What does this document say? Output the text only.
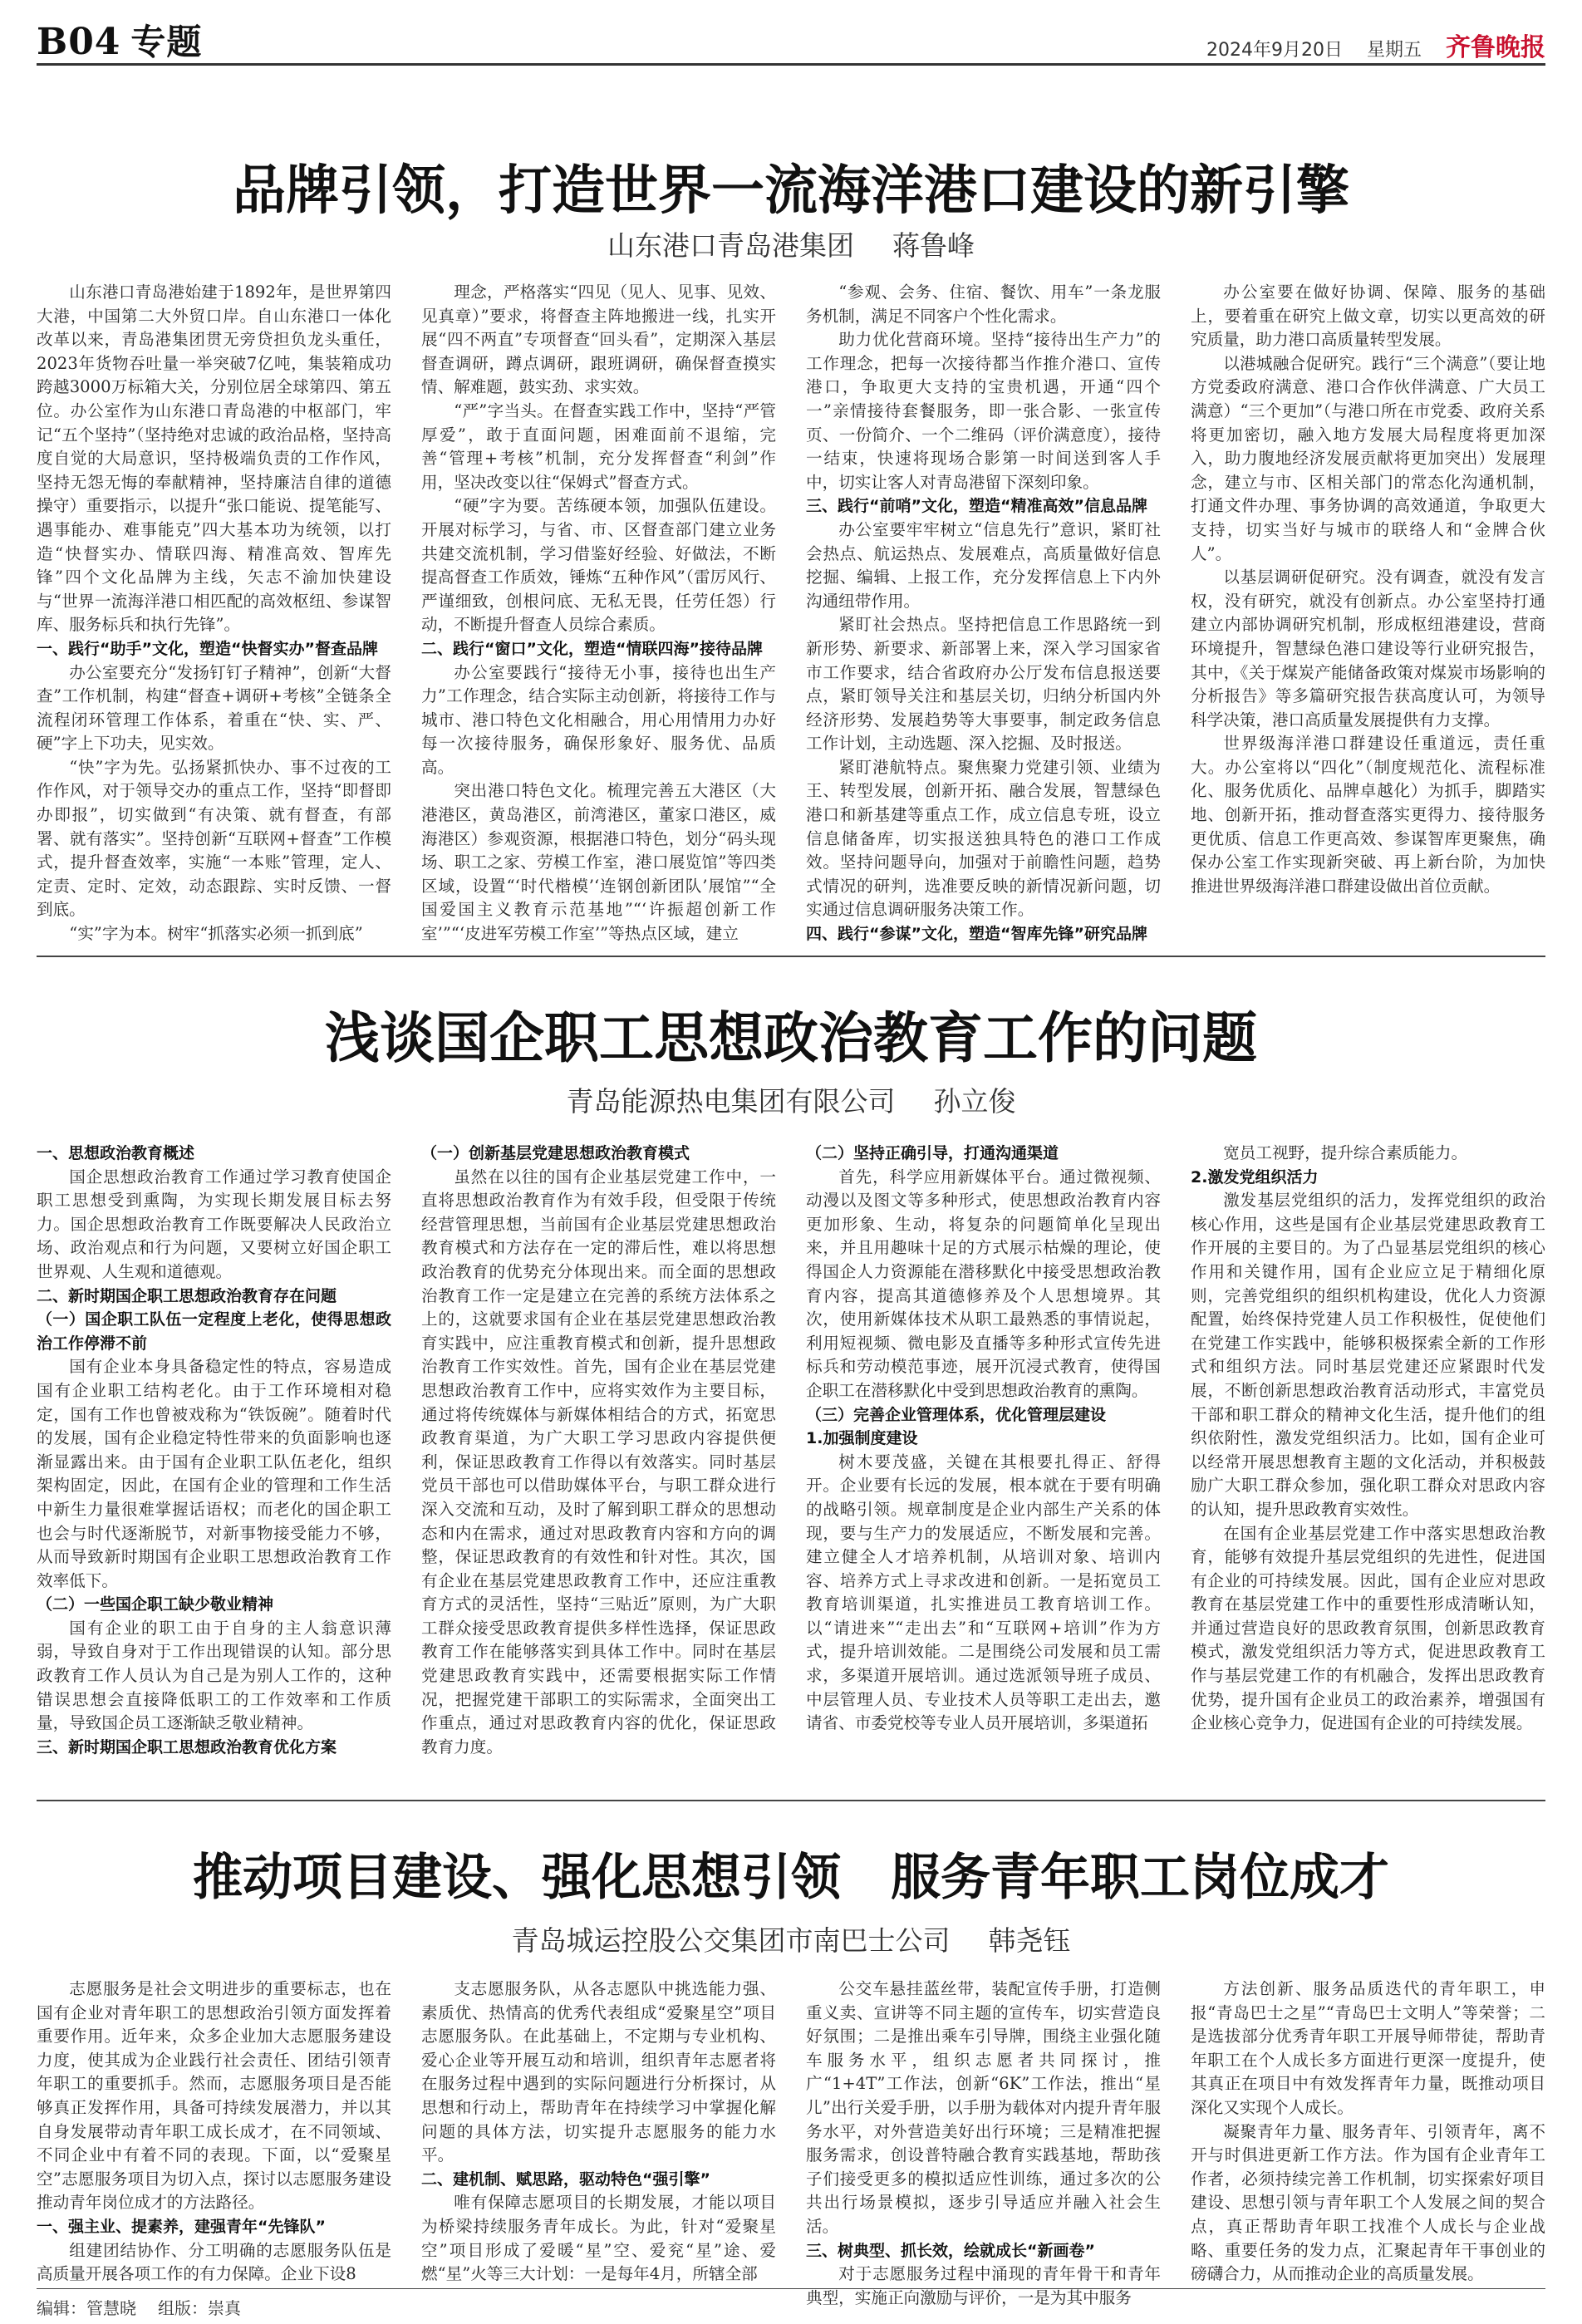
B04 专题	2024年9月20日 星期五 齐鲁晚报
品牌引领，打造世界一流海洋港口建设的新引擎
山东港口青岛港集团 蒋鲁峰

山东港口青岛港始建于1892年，是世界第四大港，中国第二大外贸口岸。自山东港口一体化改革以来，青岛港集团贯无旁贷担负龙头重任，2023年货物吞吐量一举突破7亿吨，集装箱成功跨越3000万标箱大关，分别位居全球第四、第五位。办公室作为山东港口青岛港的中枢部门，牢记“五个坚持”（坚持绝对忠诚的政治品格，坚持高度自觉的大局意识，坚持极端负责的工作作风，坚持无怨无悔的奉献精神，坚持廉洁自律的道德操守）重要指示，以提升“张口能说、提笔能写、遇事能办、难事能克”四大基本功为统领，以打造“快督实办、情联四海、精准高效、智库先锋”四个文化品牌为主线，矢志不渝加快建设与“世界一流海洋港口相匹配的高效枢纽、参谋智库、服务标兵和执行先锋”。

一、践行“助手”文化，塑造“快督实办”督查品牌

办公室要充分“发扬钉钉子精神”，创新“大督查”工作机制，构建“督查+调研+考核”全链条全流程闭环管理工作体系，着重在“快、实、严、硬”字上下功夫，见实效。

“快”字为先。弘扬紧抓快办、事不过夜的工作作风，对于领导交办的重点工作，坚持“即督即办即报”，切实做到“有决策、就有督查，有部署、就有落实”。坚持创新“互联网+督查”工作模式，提升督查效率，实施“一本账”管理，定人、定责、定时、定效，动态跟踪、实时反馈、一督到底。

“实”字为本。树牢“抓落实必须一抓到底”

理念，严格落实“四见（见人、见事、见效、见真章）”要求，将督查主阵地搬进一线，扎实开展“四不两直”专项督查“回头看”，定期深入基层督查调研，蹲点调研，跟班调研，确保督查摸实情、解难题，鼓实劲、求实效。

“严”字当头。在督查实践工作中，坚持“严管厚爱”，敢于直面问题，困难面前不退缩，完善“管理+考核”机制，充分发挥督查“利剑”作用，坚决改变以往“保姆式”督查方式。

“硬”字为要。苦练硬本领，加强队伍建设。开展对标学习，与省、市、区督查部门建立业务共建交流机制，学习借鉴好经验、好做法，不断提高督查工作质效，锤炼“五种作风”（雷厉风行、严谨细致，创根问底、无私无畏，任劳任怨）行动，不断提升督查人员综合素质。

二、践行“窗口”文化，塑造“情联四海”接待品牌

办公室要践行“接待无小事，接待也出生产力”工作理念，结合实际主动创新，将接待工作与城市、港口特色文化相融合，用心用情用力办好每一次接待服务，确保形象好、服务优、品质高。

突出港口特色文化。梳理完善五大港区（大港港区，黄岛港区，前湾港区，董家口港区，威海港区）参观资源，根据港口特色，划分“码头现场、职工之家、劳模工作室，港口展览馆”等四类区域，设置“‘时代楷模’‘连钢创新团队’展馆”“全国爱国主义教育示范基地”“‘许振超创新工作室’”“‘皮进军劳模工作室’”等热点区域，建立

“参观、会务、住宿、餐饮、用车”一条龙服务机制，满足不同客户个性化需求。

助力优化营商环境。坚持“接待出生产力”的工作理念，把每一次接待都当作推介港口、宣传港口，争取更大支持的宝贵机遇，开通“四个一”亲情接待套餐服务，即一张合影、一张宣传页、一份简介、一个二维码（评价满意度），接待一结束，快速将现场合影第一时间送到客人手中，切实让客人对青岛港留下深刻印象。

三、践行“前哨”文化，塑造“精准高效”信息品牌

办公室要牢牢树立“信息先行”意识，紧盯社会热点、航运热点、发展难点，高质量做好信息挖掘、编辑、上报工作，充分发挥信息上下内外沟通纽带作用。

紧盯社会热点。坚持把信息工作思路统一到新形势、新要求、新部署上来，深入学习国家省市工作要求，结合省政府办公厅发布信息报送要点，紧盯领导关注和基层关切，归纳分析国内外经济形势、发展趋势等大事要事，制定政务信息工作计划，主动选题、深入挖掘、及时报送。

紧盯港航特点。聚焦聚力党建引领、业绩为王、转型发展，创新开拓、融合发展，智慧绿色港口和新基建等重点工作，成立信息专班，设立信息储备库，切实报送独具特色的港口工作成效。坚持问题导向，加强对于前瞻性问题，趋势式情况的研判，选准要反映的新情况新问题，切实通过信息调研服务决策工作。

四、践行“参谋”文化，塑造“智库先锋”研究品牌

办公室要在做好协调、保障、服务的基础上，要着重在研究上做文章，切实以更高效的研究质量，助力港口高质量转型发展。

以港城融合促研究。践行“三个满意”（要让地方党委政府满意、港口合作伙伴满意、广大员工满意）“三个更加”（与港口所在市党委、政府关系将更加密切，融入地方发展大局程度将更加深入，助力腹地经济发展贡献将更加突出）发展理念，建立与市、区相关部门的常态化沟通机制，打通文件办理、事务协调的高效通道，争取更大支持，切实当好与城市的联络人和“金牌合伙人”。

以基层调研促研究。没有调查，就没有发言权，没有研究，就没有创新点。办公室坚持打通建立内部协调研究机制，形成枢纽港建设，营商环境提升，智慧绿色港口建设等行业研究报告，其中，《关于煤炭产能储备政策对煤炭市场影响的分析报告》等多篇研究报告获高度认可，为领导科学决策，港口高质量发展提供有力支撑。

世界级海洋港口群建设任重道远，责任重大。办公室将以“四化”（制度规范化、流程标准化、服务优质化、品牌卓越化）为抓手，脚踏实地、创新开拓，推动督查落实更得力、接待服务更优质、信息工作更高效、参谋智库更聚焦，确保办公室工作实现新突破、再上新台阶，为加快推进世界级海洋港口群建设做出首位贡献。

浅谈国企职工思想政治教育工作的问题
青岛能源热电集团有限公司 孙立俊

一、思想政治教育概述

国企思想政治教育工作通过学习教育使国企职工思想受到熏陶，为实现长期发展目标去努力。国企思想政治教育工作既要解决人民政治立场、政治观点和行为问题，又要树立好国企职工世界观、人生观和道德观。

二、新时期国企职工思想政治教育存在问题

（一）国企职工队伍一定程度上老化，使得思想政治工作停滞不前

国有企业本身具备稳定性的特点，容易造成国有企业职工结构老化。由于工作环境相对稳定，国有工作也曾被戏称为“铁饭碗”。随着时代的发展，国有企业稳定特性带来的负面影响也逐渐显露出来。由于国有企业职工队伍老化，组织架构固定，因此，在国有企业的管理和工作生活中新生力量很难掌握话语权；而老化的国企职工也会与时代逐渐脱节，对新事物接受能力不够，从而导致新时期国有企业职工思想政治教育工作效率低下。

（二）一些国企职工缺少敬业精神

国有企业的职工由于自身的主人翁意识薄弱，导致自身对于工作出现错误的认知。部分思政教育工作人员认为自己是为别人工作的，这种错误思想会直接降低职工的工作效率和工作质量，导致国企员工逐渐缺乏敬业精神。

三、新时期国企职工思想政治教育优化方案

（一）创新基层党建思想政治教育模式

虽然在以往的国有企业基层党建工作中，一直将思想政治教育作为有效手段，但受限于传统经营管理思想，当前国有企业基层党建思想政治教育模式和方法存在一定的滞后性，难以将思想政治教育的优势充分体现出来。而全面的思想政治教育工作一定是建立在完善的系统方法体系之上的，这就要求国有企业在基层党建思想政治教育实践中，应注重教育模式和创新，提升思想政治教育工作实效性。首先，国有企业在基层党建思想政治教育工作中，应将实效作为主要目标，通过将传统媒体与新媒体相结合的方式，拓宽思政教育渠道，为广大职工学习思政内容提供便利，保证思政教育工作得以有效落实。同时基层党员干部也可以借助媒体平台，与职工群众进行深入交流和互动，及时了解到职工群众的思想动态和内在需求，通过对思政教育内容和方向的调整，保证思政教育的有效性和针对性。其次，国有企业在基层党建思政教育工作中，还应注重教育方式的灵活性，坚持“三贴近”原则，为广大职工群众接受思政教育提供多样性选择，保证思政教育工作在能够落实到具体工作中。同时在基层党建思政教育实践中，还需要根据实际工作情况，把握党建干部职工的实际需求，全面突出工作重点，通过对思政教育内容的优化，保证思政教育力度。

（二）坚持正确引导，打通沟通渠道

首先，科学应用新媒体平台。通过微视频、动漫以及图文等多种形式，使思想政治教育内容更加形象、生动，将复杂的问题简单化呈现出来，并且用趣味十足的方式展示枯燥的理论，使得国企人力资源能在潜移默化中接受思想政治教育内容，提高其道德修养及个人思想境界。其次，使用新媒体技术从职工最熟悉的事情说起，利用短视频、微电影及直播等多种形式宣传先进标兵和劳动模范事迹，展开沉浸式教育，使得国企职工在潜移默化中受到思想政治教育的熏陶。

（三）完善企业管理体系，优化管理层建设

1.加强制度建设

树木要茂盛，关键在其根要扎得正、舒得开。企业要有长远的发展，根本就在于要有明确的战略引领。规章制度是企业内部生产关系的体现，要与生产力的发展适应，不断发展和完善。建立健全人才培养机制，从培训对象、培训内容、培养方式上寻求改进和创新。一是拓宽员工教育培训渠道，扎实推进员工教育培训工作。以“请进来”“走出去”和“互联网+培训”作为方式，提升培训效能。二是围绕公司发展和员工需求，多渠道开展培训。通过选派领导班子成员、中层管理人员、专业技术人员等职工走出去，邀请省、市委党校等专业人员开展培训，多渠道拓

宽员工视野，提升综合素质能力。

2.激发党组织活力

激发基层党组织的活力，发挥党组织的政治核心作用，这些是国有企业基层党建思政教育工作开展的主要目的。为了凸显基层党组织的核心作用和关键作用，国有企业应立足于精细化原则，完善党组织的组织机构建设，优化人力资源配置，始终保持党建人员工作积极性，促使他们在党建工作实践中，能够积极探索全新的工作形式和组织方法。同时基层党建还应紧跟时代发展，不断创新思想政治教育活动形式，丰富党员干部和职工群众的精神文化生活，提升他们的组织依附性，激发党组织活力。比如，国有企业可以经常开展思想教育主题的文化活动，并积极鼓励广大职工群众参加，强化职工群众对思政内容的认知，提升思政教育实效性。

在国有企业基层党建工作中落实思想政治教育，能够有效提升基层党组织的先进性，促进国有企业的可持续发展。因此，国有企业应对思政教育在基层党建工作中的重要性形成清晰认知，并通过营造良好的思政教育氛围，创新思政教育模式，激发党组织活力等方式，促进思政教育工作与基层党建工作的有机融合，发挥出思政教育优势，提升国有企业员工的政治素养，增强国有企业核心竞争力，促进国有企业的可持续发展。

推动项目建设、强化思想引领　服务青年职工岗位成才
青岛城运控股公交集团市南巴士公司 韩尧钰

志愿服务是社会文明进步的重要标志，也在国有企业对青年职工的思想政治引领方面发挥着重要作用。近年来，众多企业加大志愿服务建设力度，使其成为企业践行社会责任、团结引领青年职工的重要抓手。然而，志愿服务项目是否能够真正发挥作用，具备可持续发展潜力，并以其自身发展带动青年职工成长成才，在不同领域、不同企业中有着不同的表现。下面，以“爱聚星空”志愿服务项目为切入点，探讨以志愿服务建设推动青年岗位成才的方法路径。

一、强主业、提素养，建强青年“先锋队”

组建团结协作、分工明确的志愿服务队伍是高质量开展各项工作的有力保障。企业下设8

支志愿服务队，从各志愿队中挑选能力强、素质优、热情高的优秀代表组成“爱聚星空”项目志愿服务队。在此基础上，不定期与专业机构、爱心企业等开展互动和培训，组织青年志愿者将在服务过程中遇到的实际问题进行分析探讨，从思想和行动上，帮助青年在持续学习中掌握化解问题的具体方法，切实提升志愿服务的能力水平。

二、建机制、赋思路，驱动特色“强引擎”

唯有保障志愿项目的长期发展，才能以项目为桥梁持续服务青年成长。为此，针对“爱聚星空”项目形成了爱暖“星”空、爱兖“星”途、爱燃“星”火等三大计划：一是每年4月，所辖全部

公交车悬挂蓝丝带，装配宣传手册，打造侧重义卖、宣讲等不同主题的宣传车，切实营造良好氛围；二是推出乘车引导牌，围绕主业强化随车服务水平，组织志愿者共同探讨，推广“1+4T”工作法，创新“6K”工作法，推出“星儿”出行关爱手册，以手册为载体对内提升青年服务水平，对外营造美好出行环境；三是精准把握服务需求，创设普特融合教育实践基地，帮助孩子们接受更多的模拟适应性训练，通过多次的公共出行场景模拟，逐步引导适应并融入社会生活。

三、树典型、抓长效，绘就成长“新画卷”

对于志愿服务过程中涌现的青年骨干和青年典型，实施正向激励与评价，一是为其中服务

方法创新、服务品质迭代的青年职工，申报“青岛巴士之星”“青岛巴士文明人”等荣誉；二是选拔部分优秀青年职工开展导师带徒，帮助青年职工在个人成长多方面进行更深一度提升，使其真正在项目中有效发挥青年力量，既推动项目深化又实现个人成长。

凝聚青年力量、服务青年、引领青年，离不开与时俱进更新工作方法。作为国有企业青年工作者，必须持续完善工作机制，切实探索好项目建设、思想引领与青年职工个人发展之间的契合点，真正帮助青年职工找准个人成长与企业战略、重要任务的发力点，汇聚起青年干事创业的磅礴合力，从而推动企业的高质量发展。

编辑：管慧晓 组版：崇真
